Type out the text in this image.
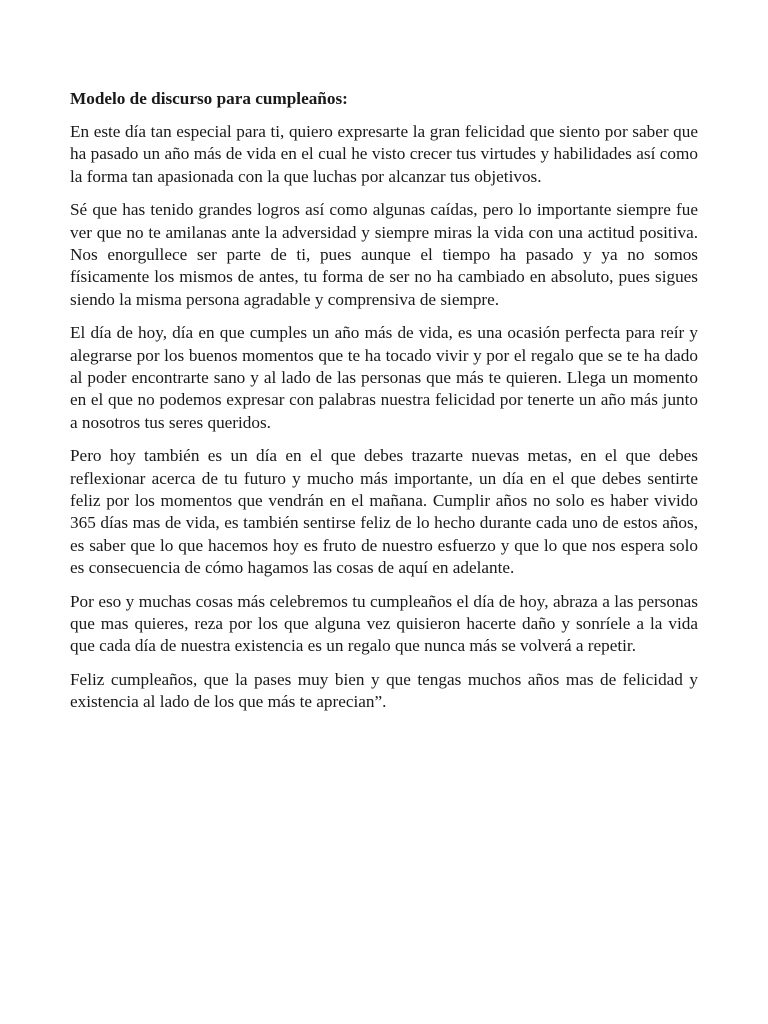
Modelo de discurso para cumpleaños:

En este día tan especial para ti, quiero expresarte la gran felicidad que siento por saber que ha pasado un año más de vida en el cual he visto crecer tus virtudes y habilidades así como la forma tan apasionada con la que luchas por alcanzar tus objetivos.

Sé que has tenido grandes logros así como algunas caídas, pero lo importante siempre fue ver que no te amilanas ante la adversidad y siempre miras la vida con una actitud positiva. Nos enorgullece ser parte de ti, pues aunque el tiempo ha pasado y ya no somos físicamente los mismos de antes, tu forma de ser no ha cambiado en absoluto, pues sigues siendo la misma persona agradable y comprensiva de siempre.

El día de hoy, día en que cumples un año más de vida, es una ocasión perfecta para reír y alegrarse por los buenos momentos que te ha tocado vivir y por el regalo que se te ha dado al poder encontrarte sano y al lado de las personas que más te quieren. Llega un momento en el que no podemos expresar con palabras nuestra felicidad por tenerte un año más junto a nosotros tus seres queridos.

Pero hoy también es un día en el que debes trazarte nuevas metas, en el que debes reflexionar acerca de tu futuro y mucho más importante, un día en el que debes sentirte feliz por los momentos que vendrán en el mañana. Cumplir años no solo es haber vivido 365 días mas de vida, es también sentirse feliz de lo hecho durante cada uno de estos años, es saber que lo que hacemos hoy es fruto de nuestro esfuerzo y que lo que nos espera solo es consecuencia de cómo hagamos las cosas de aquí en adelante.

Por eso y muchas cosas más celebremos tu cumpleaños el día de hoy, abraza a las personas que mas quieres, reza por los que alguna vez quisieron hacerte daño y sonríele a la vida que cada día de nuestra existencia es un regalo que nunca más se volverá a repetir.

Feliz cumpleaños, que la pases muy bien y que tengas muchos años mas de felicidad y existencia al lado de los que más te aprecian”.
